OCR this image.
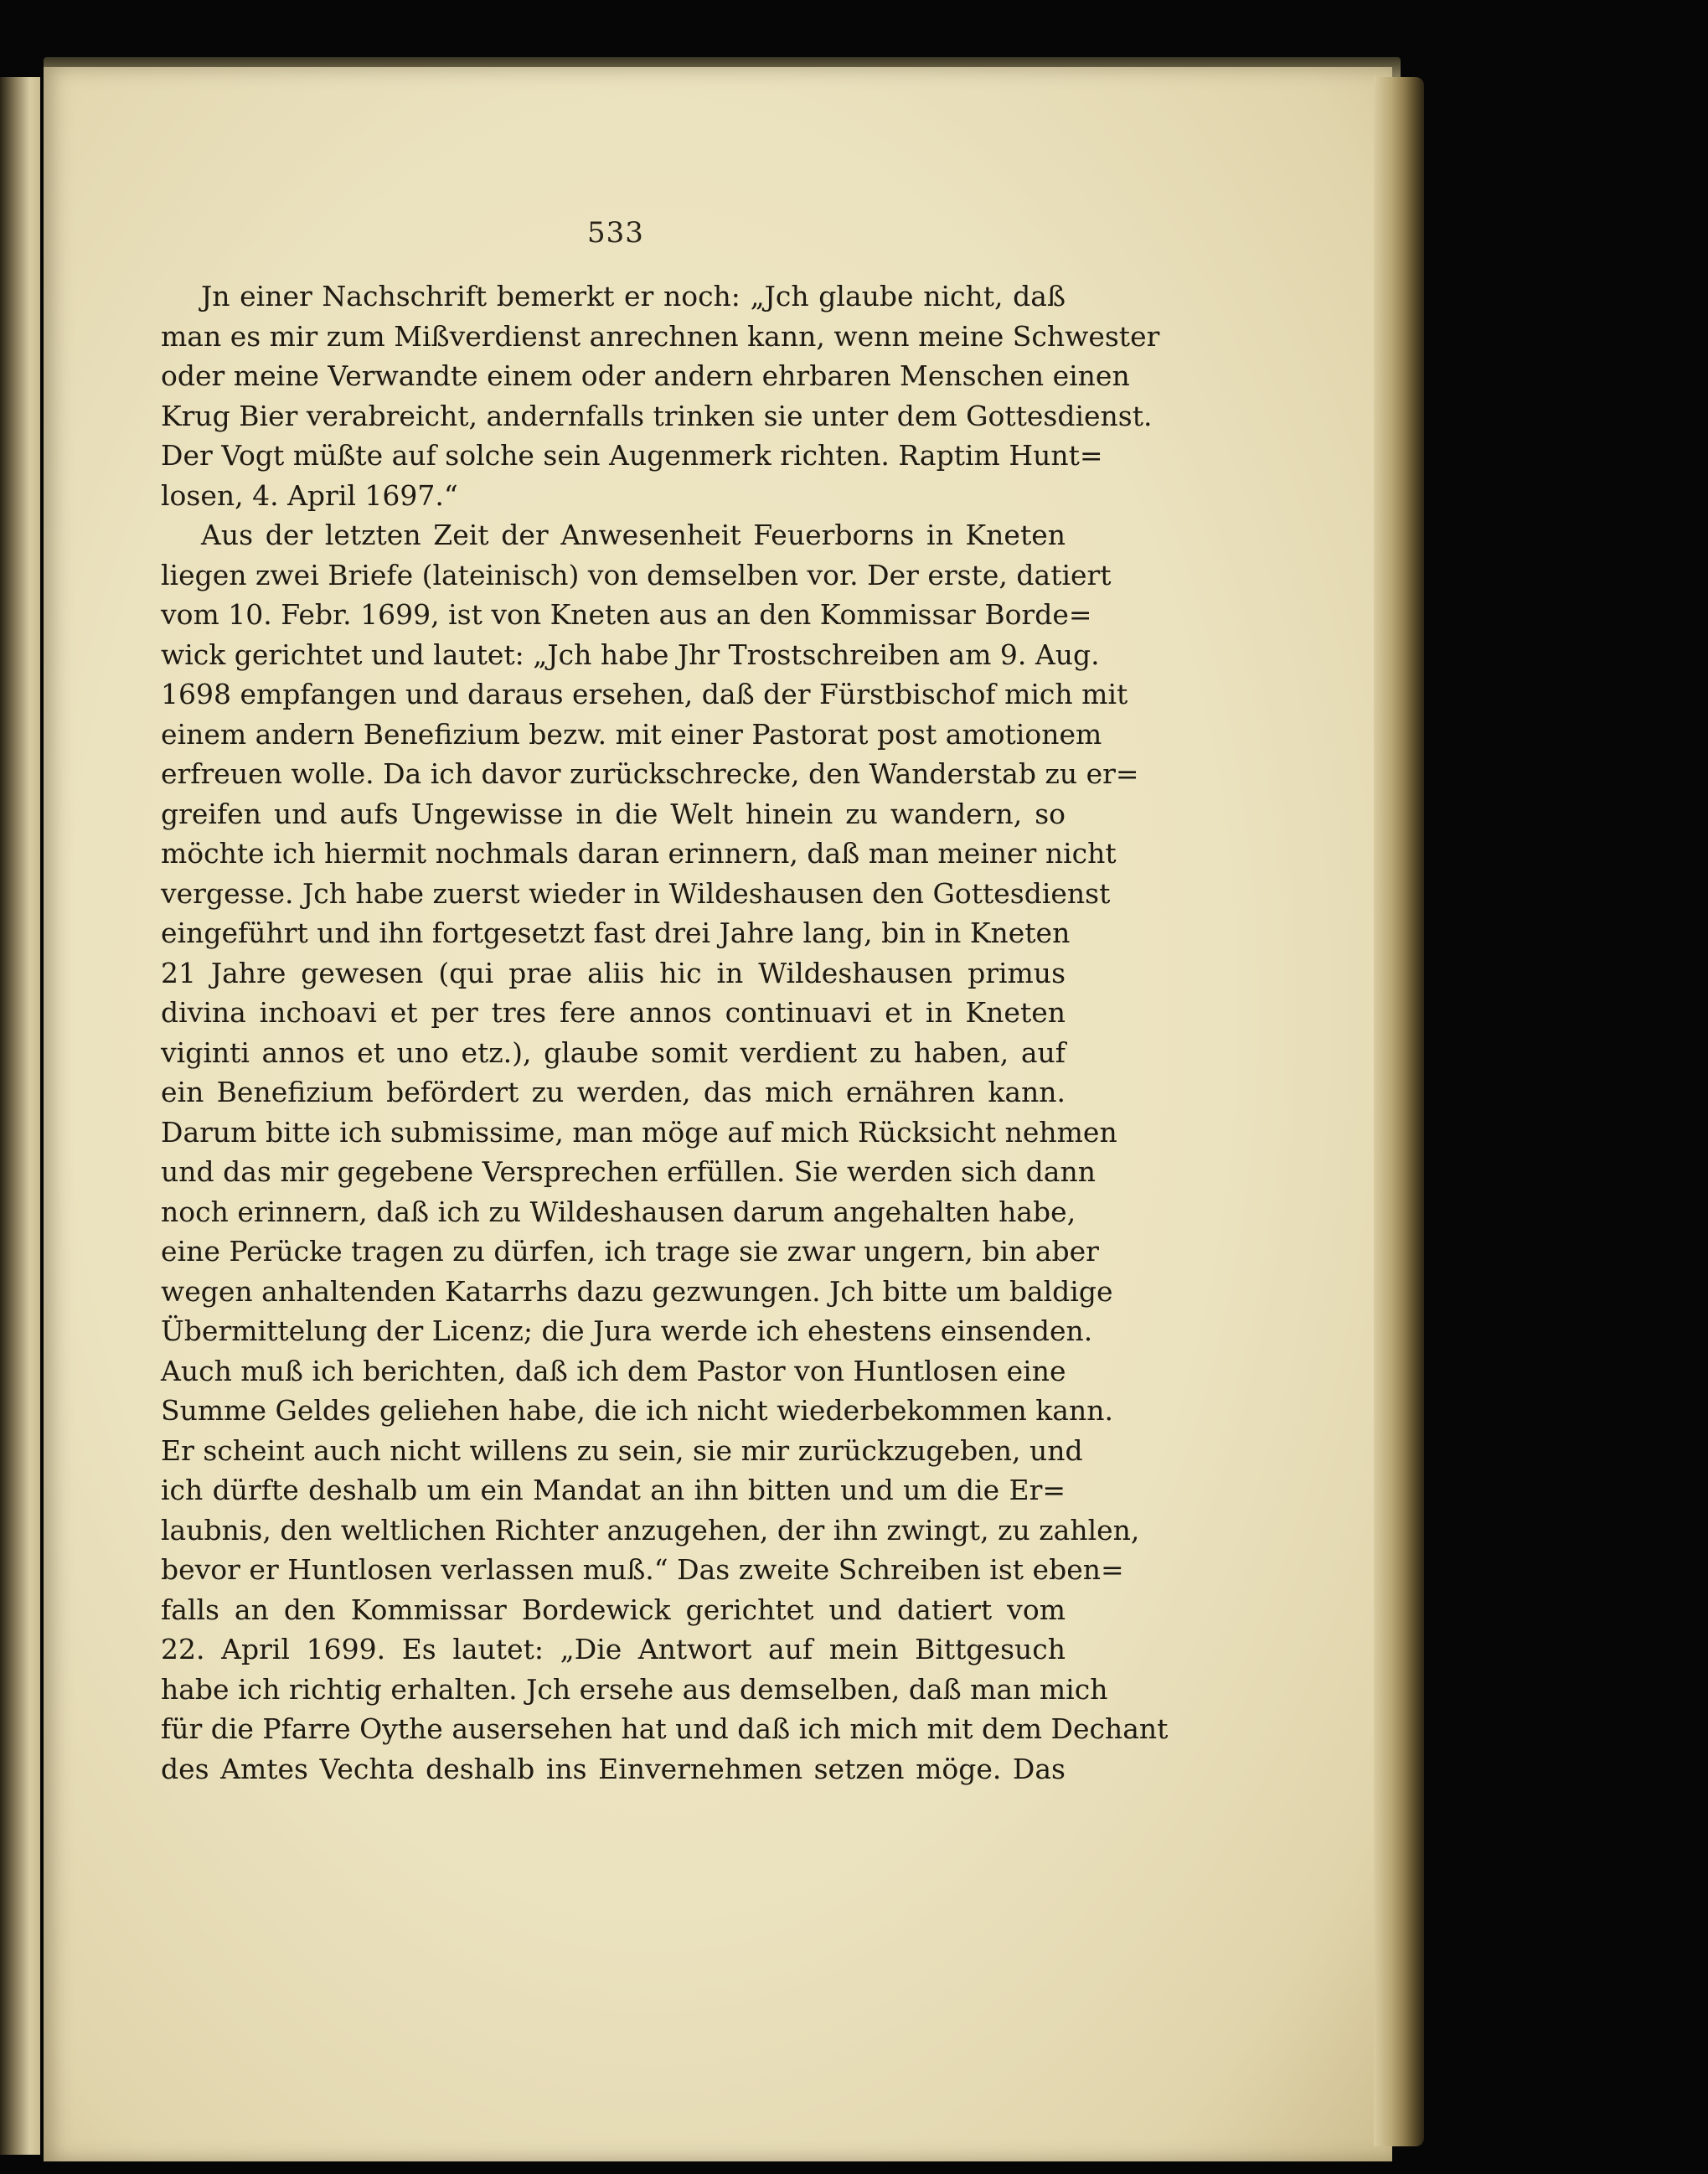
533
Jn einer Nachschrift bemerkt er noch: „Jch glaube nicht, daß
man es mir zum Mißverdienst anrechnen kann, wenn meine Schwester
oder meine Verwandte einem oder andern ehrbaren Menschen einen
Krug Bier verabreicht, andernfalls trinken sie unter dem Gottesdienst.
Der Vogt müßte auf solche sein Augenmerk richten. Raptim Hunt=
losen, 4. April 1697.“
Aus der letzten Zeit der Anwesenheit Feuerborns in Kneten
liegen zwei Briefe (lateinisch) von demselben vor. Der erste, datiert
vom 10. Febr. 1699, ist von Kneten aus an den Kommissar Borde=
wick gerichtet und lautet: „Jch habe Jhr Trostschreiben am 9. Aug.
1698 empfangen und daraus ersehen, daß der Fürstbischof mich mit
einem andern Benefizium bezw. mit einer Pastorat post amotionem
erfreuen wolle. Da ich davor zurückschrecke, den Wanderstab zu er=
greifen und aufs Ungewisse in die Welt hinein zu wandern, so
möchte ich hiermit nochmals daran erinnern, daß man meiner nicht
vergesse. Jch habe zuerst wieder in Wildeshausen den Gottesdienst
eingeführt und ihn fortgesetzt fast drei Jahre lang, bin in Kneten
21 Jahre gewesen (qui prae aliis hic in Wildeshausen primus
divina inchoavi et per tres fere annos continuavi et in Kneten
viginti annos et uno etz.), glaube somit verdient zu haben, auf
ein Benefizium befördert zu werden, das mich ernähren kann.
Darum bitte ich submissime, man möge auf mich Rücksicht nehmen
und das mir gegebene Versprechen erfüllen. Sie werden sich dann
noch erinnern, daß ich zu Wildeshausen darum angehalten habe,
eine Perücke tragen zu dürfen, ich trage sie zwar ungern, bin aber
wegen anhaltenden Katarrhs dazu gezwungen. Jch bitte um baldige
Übermittelung der Licenz; die Jura werde ich ehestens einsenden.
Auch muß ich berichten, daß ich dem Pastor von Huntlosen eine
Summe Geldes geliehen habe, die ich nicht wiederbekommen kann.
Er scheint auch nicht willens zu sein, sie mir zurückzugeben, und
ich dürfte deshalb um ein Mandat an ihn bitten und um die Er=
laubnis, den weltlichen Richter anzugehen, der ihn zwingt, zu zahlen,
bevor er Huntlosen verlassen muß.“ Das zweite Schreiben ist eben=
falls an den Kommissar Bordewick gerichtet und datiert vom
22. April 1699. Es lautet: „Die Antwort auf mein Bittgesuch
habe ich richtig erhalten. Jch ersehe aus demselben, daß man mich
für die Pfarre Oythe ausersehen hat und daß ich mich mit dem Dechant
des Amtes Vechta deshalb ins Einvernehmen setzen möge. Das
